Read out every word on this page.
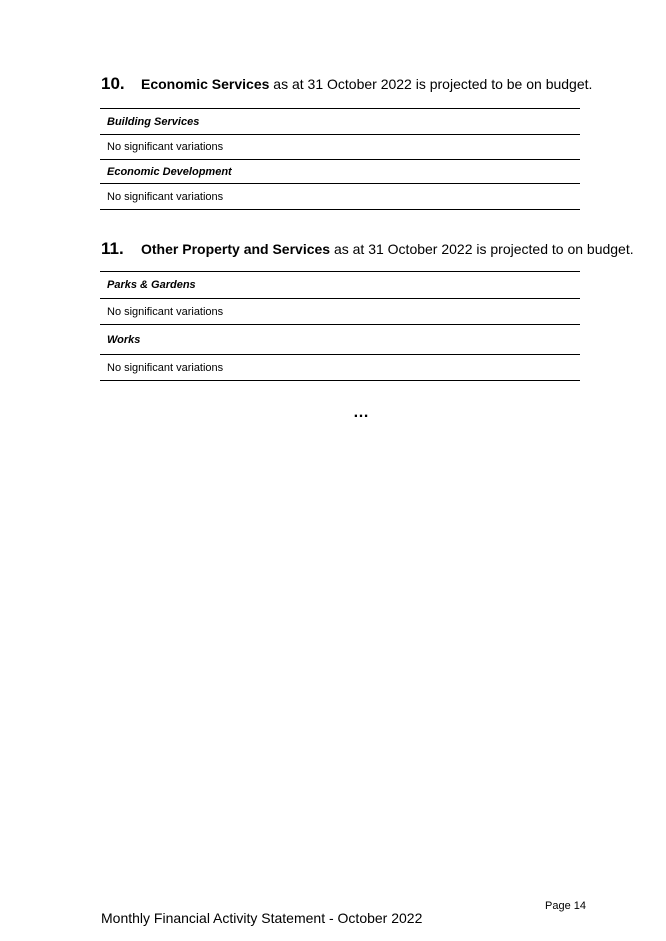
10. Economic Services as at 31 October 2022 is projected to be on budget.
Building Services
No significant variations
Economic Development
No significant variations
11. Other Property and Services as at 31 October 2022 is projected to on budget.
Parks & Gardens
No significant variations
Works
No significant variations
…
Page 14
Monthly Financial Activity Statement - October 2022
